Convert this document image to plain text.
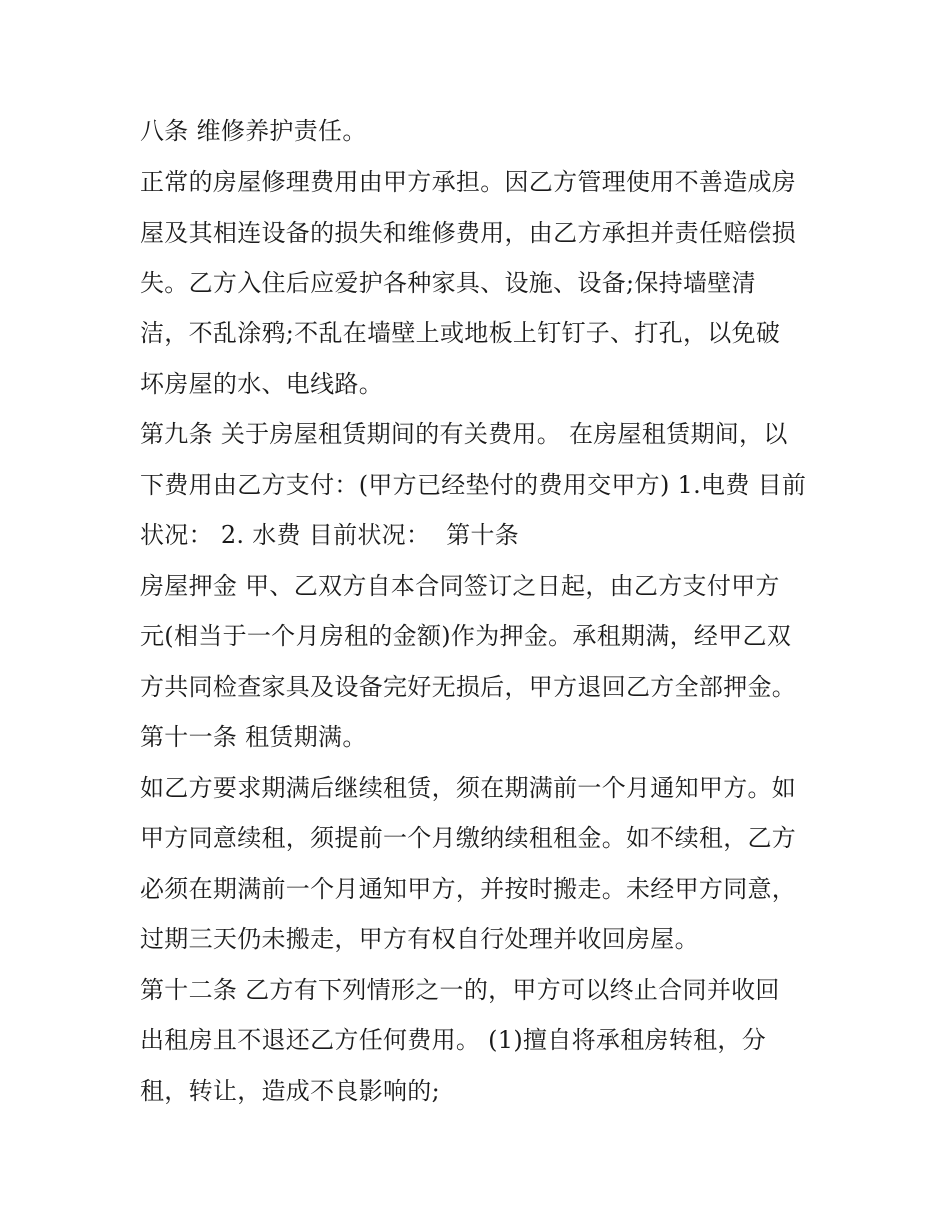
八条 维修养护责任。
正常的房屋修理费用由甲方承担。因乙方管理使用不善造成房
屋及其相连设备的损失和维修费用，由乙方承担并责任赔偿损
失。乙方入住后应爱护各种家具、设施、设备;保持墙壁清
洁，不乱涂鸦;不乱在墙壁上或地板上钉钉子、打孔，以免破
坏房屋的水、电线路。
第九条 关于房屋租赁期间的有关费用。 在房屋租赁期间，以
下费用由乙方支付：(甲方已经垫付的费用交甲方) 1.电费 目前
状况： 2. 水费 目前状况：  第十条
房屋押金 甲、乙双方自本合同签订之日起，由乙方支付甲方
元(相当于一个月房租的金额)作为押金。承租期满，经甲乙双
方共同检查家具及设备完好无损后，甲方退回乙方全部押金。
第十一条 租赁期满。
如乙方要求期满后继续租赁，须在期满前一个月通知甲方。如
甲方同意续租，须提前一个月缴纳续租租金。如不续租，乙方
必须在期满前一个月通知甲方，并按时搬走。未经甲方同意，
过期三天仍未搬走，甲方有权自行处理并收回房屋。
第十二条 乙方有下列情形之一的，甲方可以终止合同并收回
出租房且不退还乙方任何费用。 (1)擅自将承租房转租，分
租，转让，造成不良影响的;
